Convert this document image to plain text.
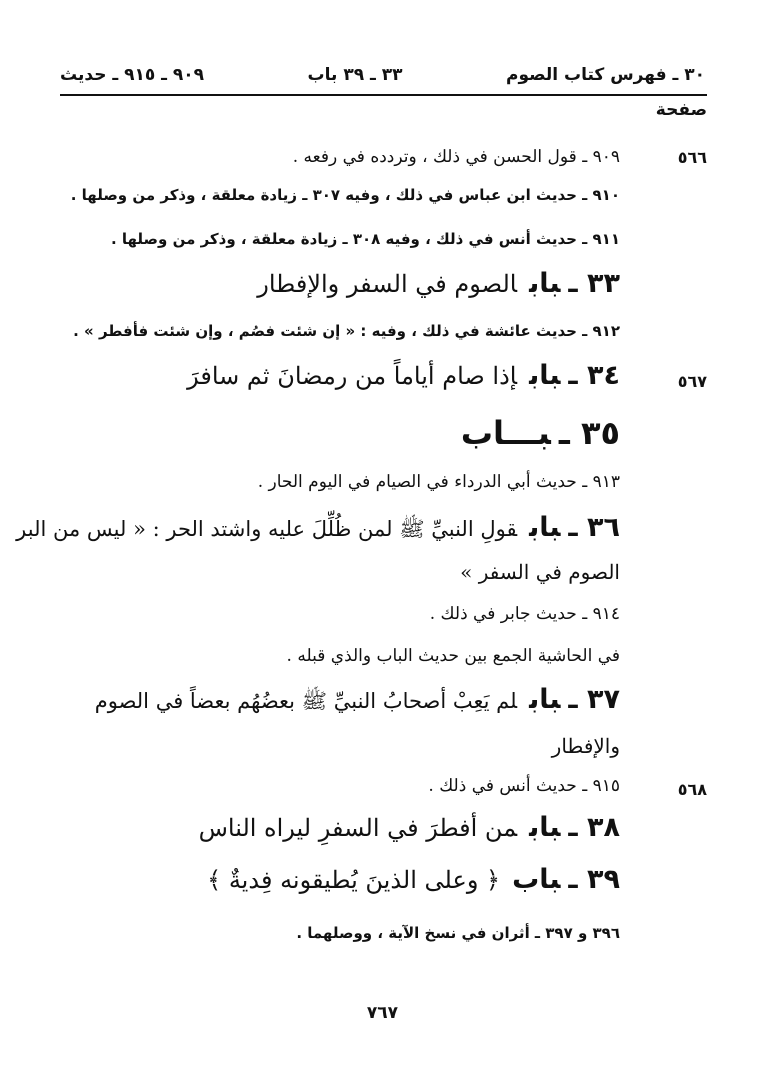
٣٠ ـ فهرس كتاب الصوم
٣٣ ـ ٣٩ باب
٩٠٩ ـ ٩١٥ ـ حديث
صفحة
٥٦٦
٩٠٩ ـ قول الحسن في ذلك ، وتردده في رفعه .
٩١٠ ـ حديث ابن عباس في ذلك ، وفيه ٣٠٧ ـ زيادة معلقة ، وذكر من وصلها .
٩١١ ـ حديث أنس في ذلك ، وفيه ٣٠٨ ـ زيادة معلقة ، وذكر من وصلها .
٣٣ ـبابالصوم في السفر والإفطار
٩١٢ ـ حديث عائشة في ذلك ، وفيه : « إن شئت فصُم ، وإن شئت فأفطر » .
٥٦٧
٣٤ ـبابإذا صام أياماً من رمضانَ ثم سافرَ
٣٥ ـبـــاب
٩١٣ ـ حديث أبي الدرداء في الصيام في اليوم الحار .
٣٦ ـبابقولِ النبيِّ ﷺ لمن ظُلِّلَ عليه واشتد الحر : « ليس من البر
الصوم في السفر »
٩١٤ ـ حديث جابر في ذلك .
في الحاشية الجمع بين حديث الباب والذي قبله .
٣٧ ـبابلم يَعِبْ أصحابُ النبيِّ ﷺ بعضُهُم بعضاً في الصوم
والإفطار
٥٦٨
٩١٥ ـ حديث أنس في ذلك .
٣٨ ـبابمن أفطرَ في السفرِ ليراه الناس
٣٩ ـباب﴿ وعلى الذينَ يُطيقونه فِديةٌ ﴾
٣٩٦ و ٣٩٧ ـ أثران في نسخ الآية ، ووصلهما .
٧٦٧
